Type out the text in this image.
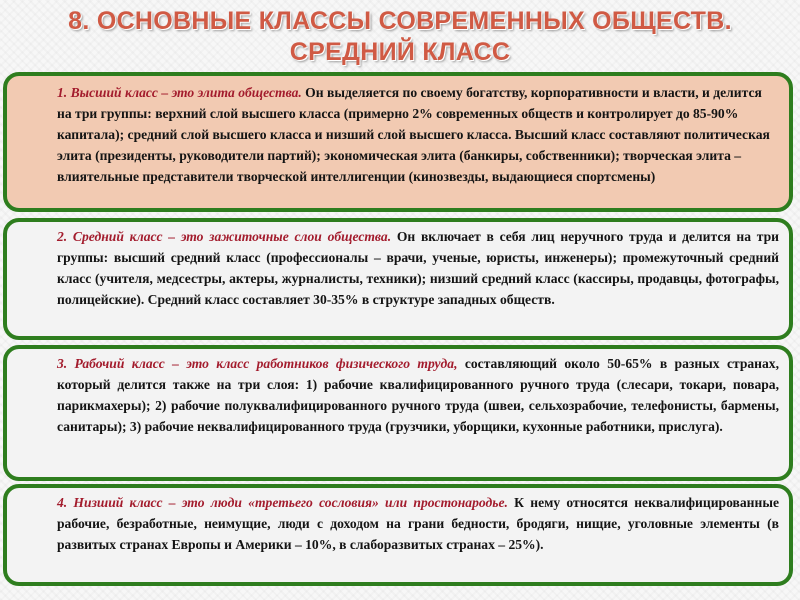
8. ОСНОВНЫЕ КЛАССЫ СОВРЕМЕННЫХ ОБЩЕСТВ.
СРЕДНИЙ КЛАСС
1. Высший класс – это элита общества. Он выделяется по своему богатству, корпоративности и власти, и делится на три группы: верхний слой высшего класса (примерно 2% современных обществ и контролирует до 85-90% капитала); средний слой высшего класса и низший слой высшего класса. Высший класс составляют политическая элита (президенты, руководители партий); экономическая элита (банкиры, собственники); творческая элита – влиятельные представители творческой интеллигенции (кинозвезды, выдающиеся спортсмены)
2. Средний класс – это зажиточные слои общества. Он включает в себя лиц неручного труда и делится на три группы: высший средний класс (профессионалы – врачи, ученые, юристы, инженеры); промежуточный средний класс (учителя, медсестры, актеры, журналисты, техники); низший средний класс (кассиры, продавцы, фотографы, полицейские). Средний класс составляет 30-35% в структуре западных обществ.
3. Рабочий класс – это класс работников физического труда, составляющий около 50-65% в разных странах, который делится также на три слоя: 1) рабочие квалифицированного ручного труда (слесари, токари, повара, парикмахеры); 2) рабочие полуквалифицированного ручного труда (швеи, сельхозрабочие, телефонисты, бармены, санитары); 3) рабочие неквалифицированного труда (грузчики, уборщики, кухонные работники, прислуга).
4. Низший класс – это люди «третьего сословия» или простонародье. К нему относятся неквалифицированные рабочие, безработные, неимущие, люди с доходом на грани бедности, бродяги, нищие, уголовные элементы (в развитых странах Европы и Америки – 10%, в слаборазвитых странах – 25%).
